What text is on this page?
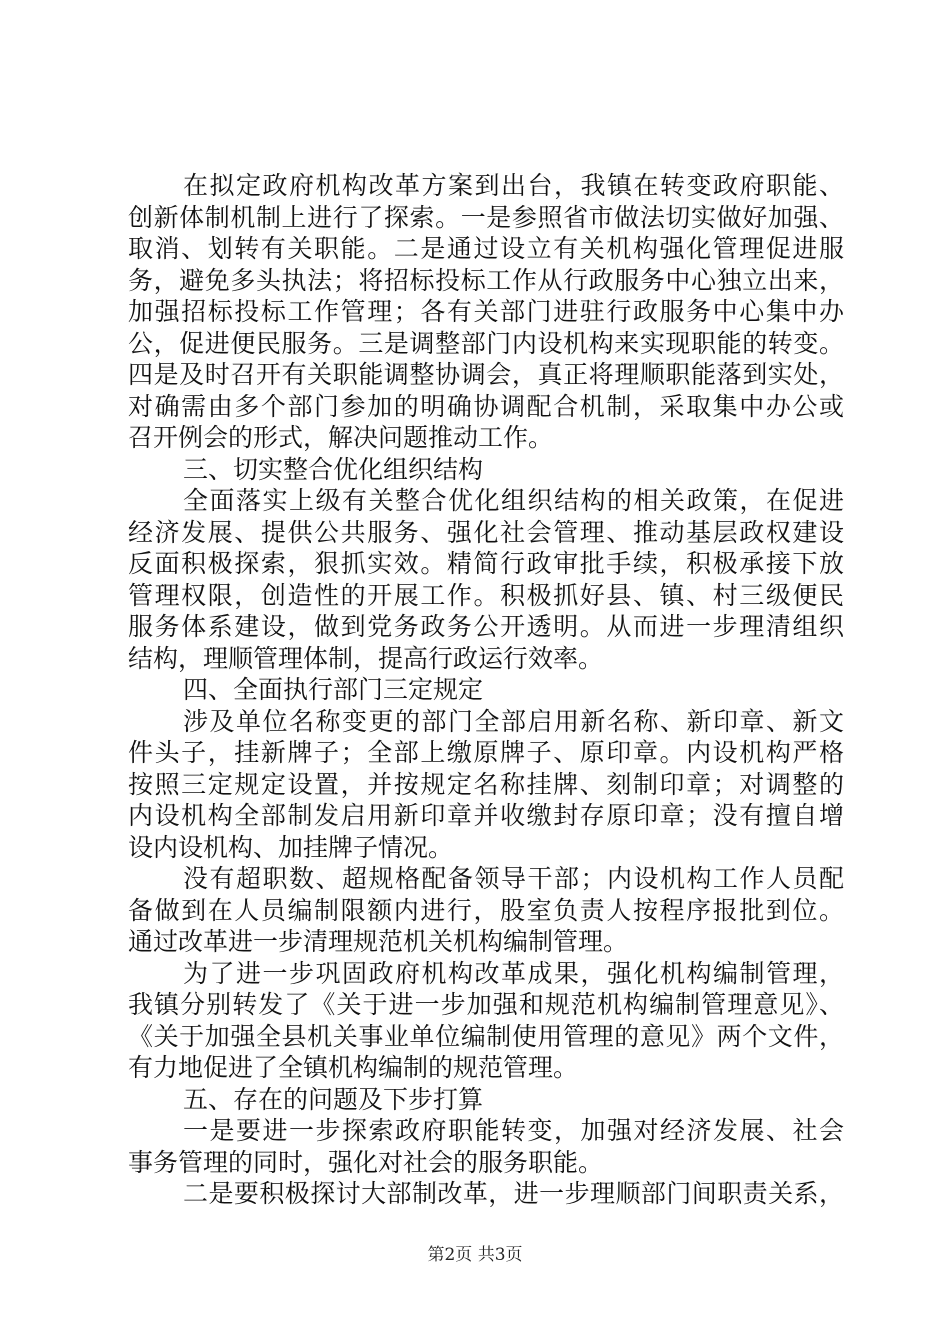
在拟定政府机构改革方案到出台，我镇在转变政府职能、
创新体制机制上进行了探索。一是参照省市做法切实做好加强、
取消、划转有关职能。二是通过设立有关机构强化管理促进服
务，避免多头执法；将招标投标工作从行政服务中心独立出来，
加强招标投标工作管理；各有关部门进驻行政服务中心集中办
公，促进便民服务。三是调整部门内设机构来实现职能的转变。
四是及时召开有关职能调整协调会，真正将理顺职能落到实处，
对确需由多个部门参加的明确协调配合机制，采取集中办公或
召开例会的形式，解决问题推动工作。
三、切实整合优化组织结构
全面落实上级有关整合优化组织结构的相关政策，在促进
经济发展、提供公共服务、强化社会管理、推动基层政权建设
反面积极探索，狠抓实效。精简行政审批手续，积极承接下放
管理权限，创造性的开展工作。积极抓好县、镇、村三级便民
服务体系建设，做到党务政务公开透明。从而进一步理清组织
结构，理顺管理体制，提高行政运行效率。
四、全面执行部门三定规定
涉及单位名称变更的部门全部启用新名称、新印章、新文
件头子，挂新牌子；全部上缴原牌子、原印章。内设机构严格
按照三定规定设置，并按规定名称挂牌、刻制印章；对调整的
内设机构全部制发启用新印章并收缴封存原印章；没有擅自增
设内设机构、加挂牌子情况。
没有超职数、超规格配备领导干部；内设机构工作人员配
备做到在人员编制限额内进行，股室负责人按程序报批到位。
通过改革进一步清理规范机关机构编制管理。
为了进一步巩固政府机构改革成果，强化机构编制管理，
我镇分别转发了《关于进一步加强和规范机构编制管理意见》、
《关于加强全县机关事业单位编制使用管理的意见》两个文件，
有力地促进了全镇机构编制的规范管理。
五、存在的问题及下步打算
一是要进一步探索政府职能转变，加强对经济发展、社会
事务管理的同时，强化对社会的服务职能。
二是要积极探讨大部制改革，进一步理顺部门间职责关系，
第2页 共3页
